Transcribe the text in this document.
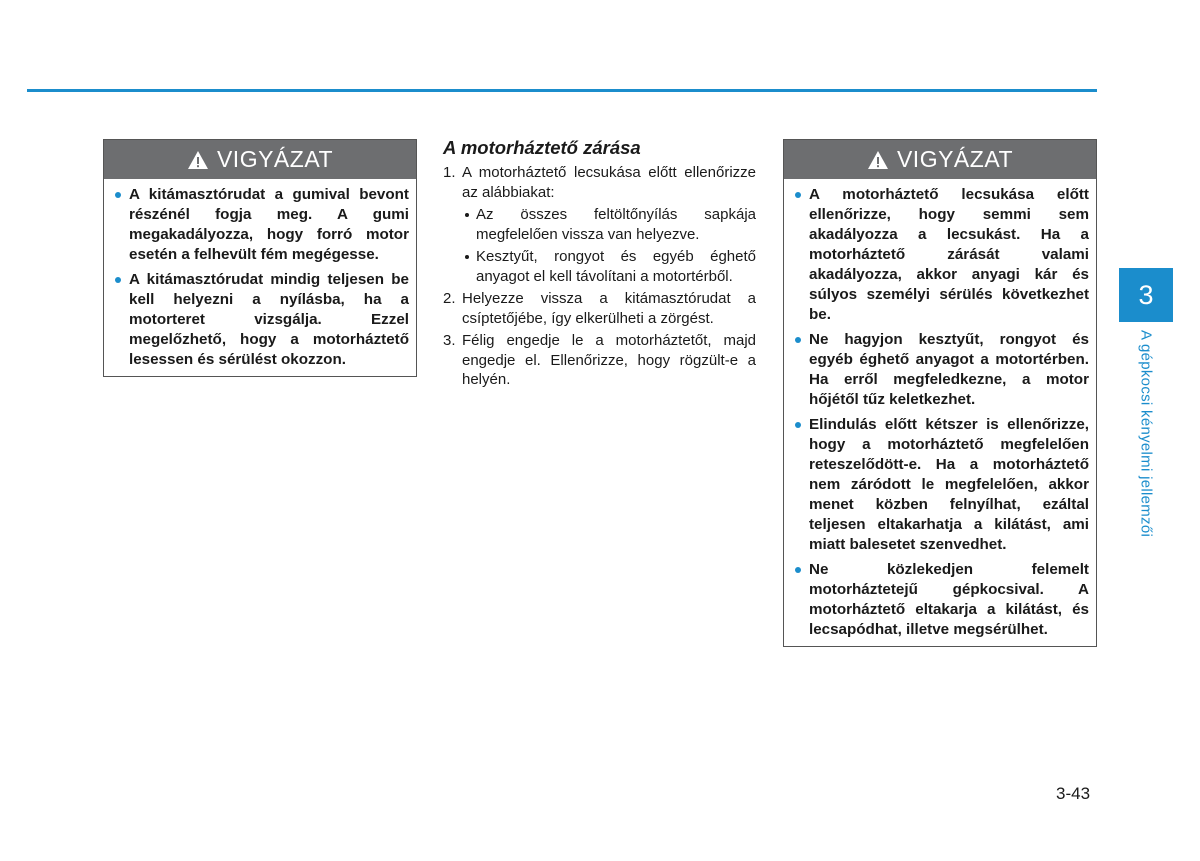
VIGYÁZAT
A kitámasztórudat a gumival bevont részénél fogja meg. A gumi megakadályozza, hogy forró motor esetén a felhevült fém megégesse.
A kitámasztórudat mindig teljesen be kell helyezni a nyílásba, ha a motorteret vizsgálja. Ezzel megelőzhető, hogy a motorháztető lesessen és sérülést okozzon.
A motorháztető zárása
1. A motorháztető lecsukása előtt ellenőrizze az alábbiakat:
Az összes feltöltőnyílás sapkája megfelelően vissza van helyezve.
Kesztyűt, rongyot és egyéb éghető anyagot el kell távolítani a motortérből.
2. Helyezze vissza a kitámasztórudat a csíptetőjébe, így elkerülheti a zörgést.
3. Félig engedje le a motorháztetőt, majd engedje el. Ellenőrizze, hogy rögzült-e a helyén.
VIGYÁZAT
A motorháztető lecsukása előtt ellenőrizze, hogy semmi sem akadályozza a lecsukást. Ha a motorháztető zárását valami akadályozza, akkor anyagi kár és súlyos személyi sérülés következhet be.
Ne hagyjon kesztyűt, rongyot és egyéb éghető anyagot a motortérben. Ha erről megfeledkezne, a motor hőjétől tűz keletkezhet.
Elindulás előtt kétszer is ellenőrizze, hogy a motorháztető megfelelően reteszelődött-e. Ha a motorháztető nem záródott le megfelelően, akkor menet közben felnyílhat, ezáltal teljesen eltakarhatja a kilátást, ami miatt balesetet szenvedhet.
Ne közlekedjen felemelt motorháztetejű gépkocsival. A motorháztető eltakarja a kilátást, és lecsapódhat, illetve megsérülhet.
3
A gépkocsi kényelmi jellemzői
3-43
